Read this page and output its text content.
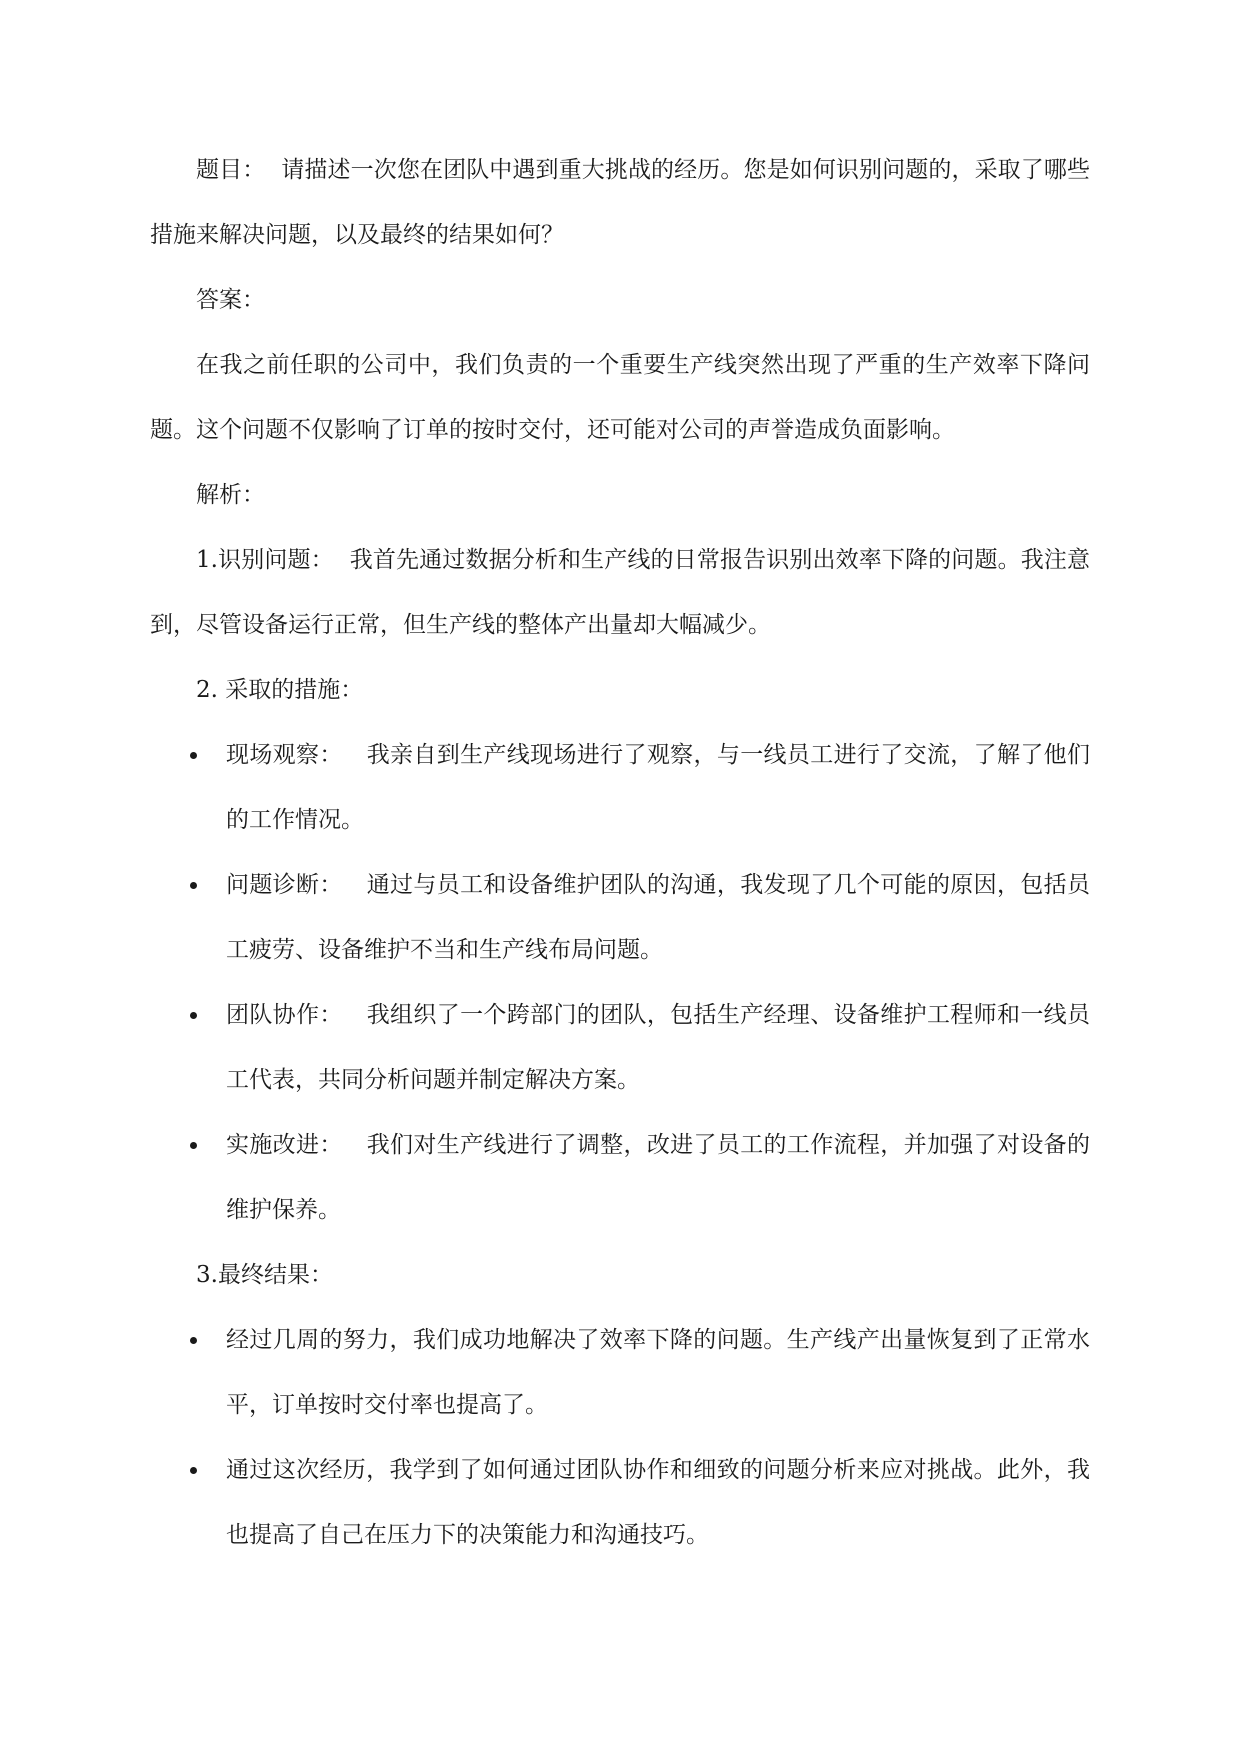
题目： 请描述一次您在团队中遇到重大挑战的经历。您是如何识别问题的，采取了哪些措施来解决问题，以及最终的结果如何？

答案：

在我之前任职的公司中，我们负责的一个重要生产线突然出现了严重的生产效率下降问题。这个问题不仅影响了订单的按时交付，还可能对公司的声誉造成负面影响。

解析：

1.识别问题： 我首先通过数据分析和生产线的日常报告识别出效率下降的问题。我注意到，尽管设备运行正常，但生产线的整体产出量却大幅减少。

2. 采取的措施：

现场观察： 我亲自到生产线现场进行了观察，与一线员工进行了交流，了解了他们的工作情况。
问题诊断： 通过与员工和设备维护团队的沟通，我发现了几个可能的原因，包括员工疲劳、设备维护不当和生产线布局问题。
团队协作： 我组织了一个跨部门的团队，包括生产经理、设备维护工程师和一线员工代表，共同分析问题并制定解决方案。
实施改进： 我们对生产线进行了调整，改进了员工的工作流程，并加强了对设备的维护保养。

3.最终结果：

经过几周的努力，我们成功地解决了效率下降的问题。生产线产出量恢复到了正常水平，订单按时交付率也提高了。
通过这次经历，我学到了如何通过团队协作和细致的问题分析来应对挑战。此外，我也提高了自己在压力下的决策能力和沟通技巧。
